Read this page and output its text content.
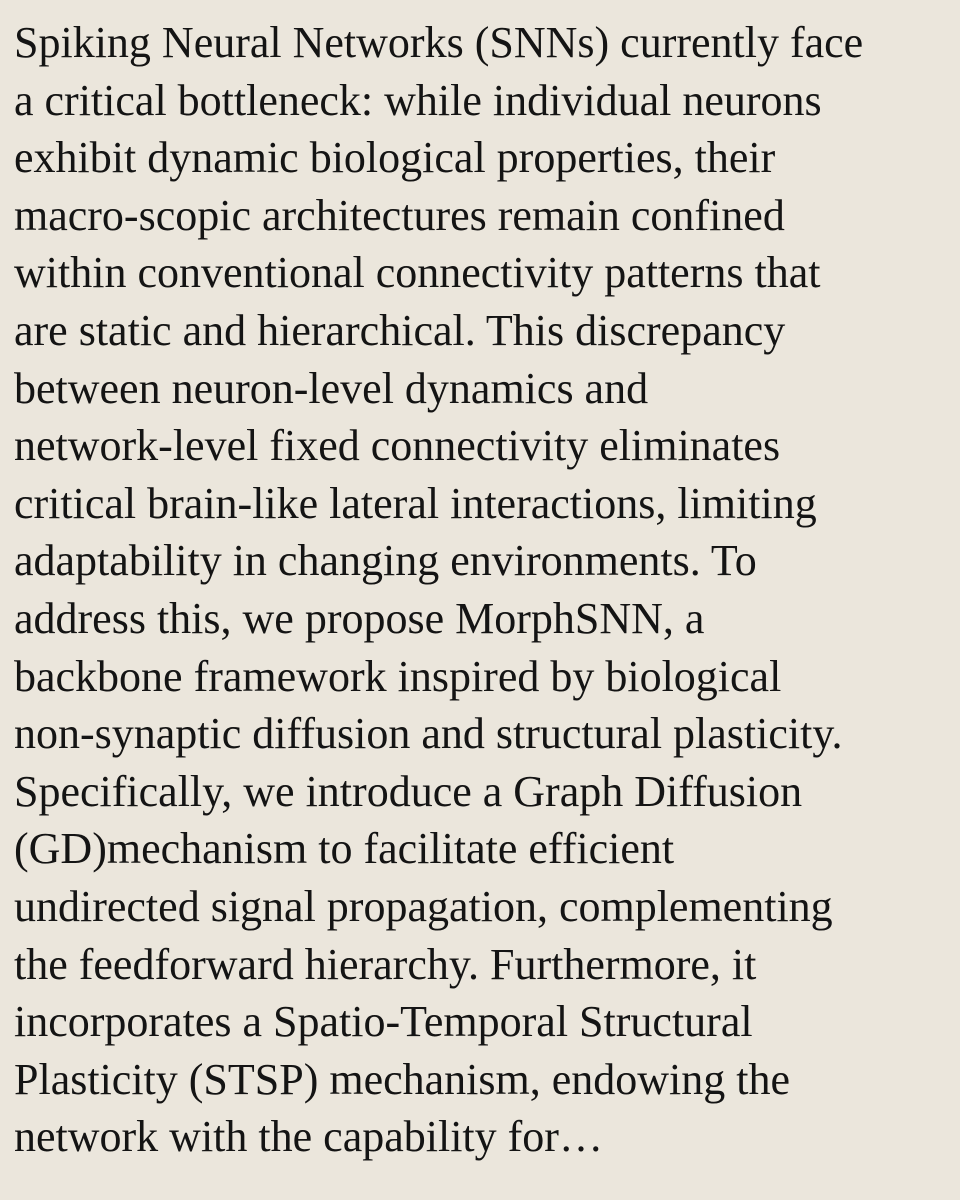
Spiking Neural Networks (SNNs) currently face
a critical bottleneck: while individual neurons
exhibit dynamic biological properties, their
macro-scopic architectures remain confined
within conventional connectivity patterns that
are static and hierarchical. This discrepancy
between neuron-level dynamics and
network-level fixed connectivity eliminates
critical brain-like lateral interactions, limiting
adaptability in changing environments. To
address this, we propose MorphSNN, a
backbone framework inspired by biological
non-synaptic diffusion and structural plasticity.
Specifically, we introduce a Graph Diffusion
(GD)mechanism to facilitate efficient
undirected signal propagation, complementing
the feedforward hierarchy. Furthermore, it
incorporates a Spatio-Temporal Structural
Plasticity (STSP) mechanism, endowing the
network with the capability for…
